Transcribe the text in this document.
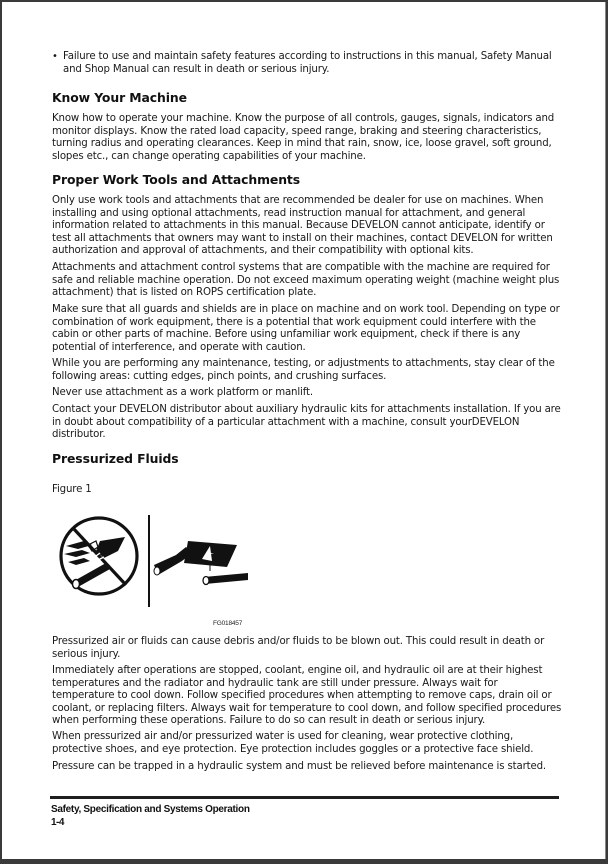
• Failure to use and maintain safety features according to instructions in this manual, Safety Manual and Shop Manual can result in death or serious injury.

Know Your Machine

Know how to operate your machine. Know the purpose of all controls, gauges, signals, indicators and monitor displays. Know the rated load capacity, speed range, braking and steering characteristics, turning radius and operating clearances. Keep in mind that rain, snow, ice, loose gravel, soft ground, slopes etc., can change operating capabilities of your machine.

Proper Work Tools and Attachments

Only use work tools and attachments that are recommended be dealer for use on machines. When installing and using optional attachments, read instruction manual for attachment, and general information related to attachments in this manual. Because DEVELON cannot anticipate, identify or test all attachments that owners may want to install on their machines, contact DEVELON for written authorization and approval of attachments, and their compatibility with optional kits.

Attachments and attachment control systems that are compatible with the machine are required for safe and reliable machine operation. Do not exceed maximum operating weight (machine weight plus attachment) that is listed on ROPS certification plate.

Make sure that all guards and shields are in place on machine and on work tool. Depending on type or combination of work equipment, there is a potential that work equipment could interfere with the cabin or other parts of machine. Before using unfamiliar work equipment, check if there is any potential of interference, and operate with caution.

While you are performing any maintenance, testing, or adjustments to attachments, stay clear of the following areas: cutting edges, pinch points, and crushing surfaces.

Never use attachment as a work platform or manlift.

Contact your DEVELON distributor about auxiliary hydraulic kits for attachments installation. If you are in doubt about compatibility of a particular attachment with a machine, consult yourDEVELON distributor.

Pressurized Fluids

Figure 1

FG018457

Pressurized air or fluids can cause debris and/or fluids to be blown out. This could result in death or serious injury.

Immediately after operations are stopped, coolant, engine oil, and hydraulic oil are at their highest temperatures and the radiator and hydraulic tank are still under pressure. Always wait for temperature to cool down. Follow specified procedures when attempting to remove caps, drain oil or coolant, or replacing filters. Always wait for temperature to cool down, and follow specified procedures when performing these operations. Failure to do so can result in death or serious injury.

When pressurized air and/or pressurized water is used for cleaning, wear protective clothing, protective shoes, and eye protection. Eye protection includes goggles or a protective face shield.

Pressure can be trapped in a hydraulic system and must be relieved before maintenance is started.

Safety, Specification and Systems Operation
1-4
